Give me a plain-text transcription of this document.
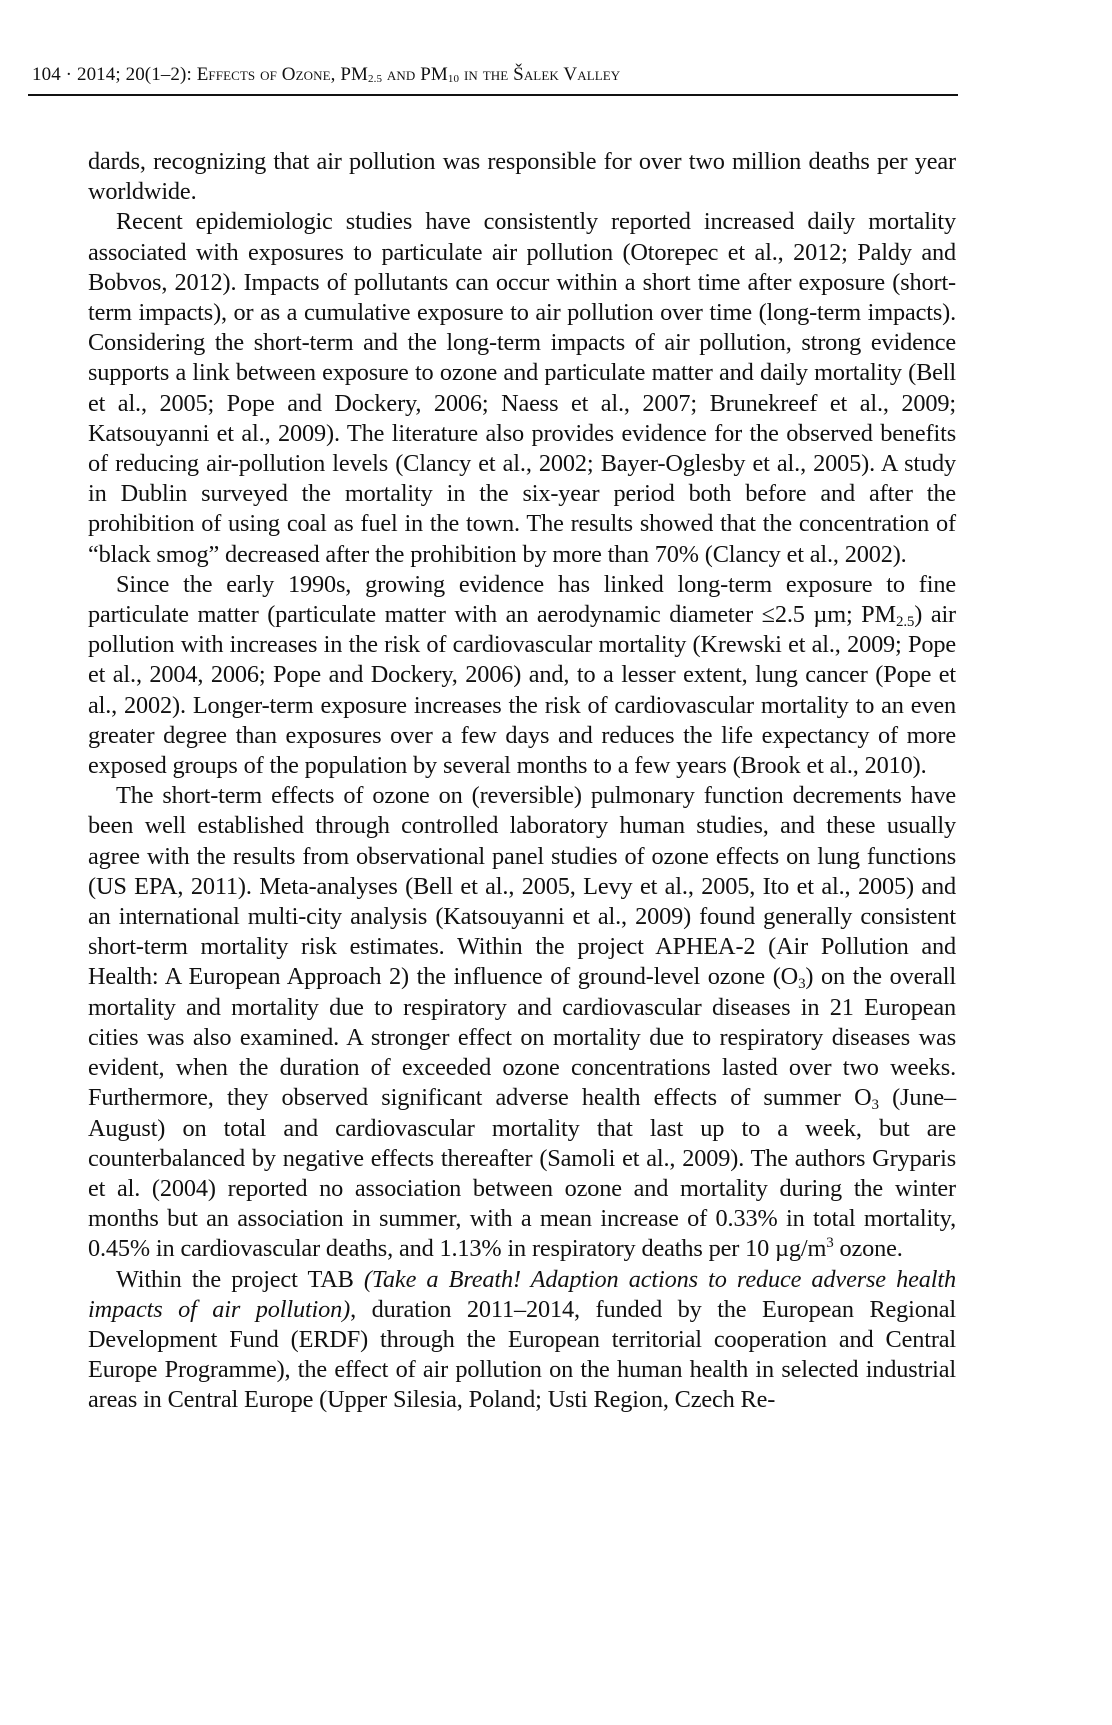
104 · 2014; 20(1–2): Effects of Ozone, $PM_{2.5}$ and $PM_{10}$ in the Šalek Valley

dards, recognizing that air pollution was responsible for over two million deaths per year worldwide.

Recent epidemiologic studies have consistently reported increased daily mortality associated with exposures to particulate air pollution (Otorepec et al., 2012; Paldy and Bobvos, 2012). Impacts of pollutants can occur within a short time after exposure (short-term impacts), or as a cumulative exposure to air pollution over time (long-term impacts). Considering the short-term and the long-term impacts of air pollution, strong evidence supports a link between exposure to ozone and particulate matter and daily mortality (Bell et al., 2005; Pope and Dockery, 2006; Naess et al., 2007; Brunekreef et al., 2009; Katsouyanni et al., 2009). The literature also provides evidence for the observed benefits of reducing air-pollution levels (Clancy et al., 2002; Bayer-Oglesby et al., 2005). A study in Dublin surveyed the mortality in the six-year period both before and after the prohibition of using coal as fuel in the town. The results showed that the concentration of “black smog” decreased after the prohibition by more than 70% (Clancy et al., 2002).

Since the early 1990s, growing evidence has linked long-term exposure to fine particulate matter (particulate matter with an aerodynamic diameter ≤2.5 µm; $PM_{2.5}$) air pollution with increases in the risk of cardiovascular mortality (Krewski et al., 2009; Pope et al., 2004, 2006; Pope and Dockery, 2006) and, to a lesser extent, lung cancer (Pope et al., 2002). Longer-term exposure increases the risk of cardiovascular mortality to an even greater degree than exposures over a few days and reduces the life expectancy of more exposed groups of the population by several months to a few years (Brook et al., 2010).

The short-term effects of ozone on (reversible) pulmonary function decrements have been well established through controlled laboratory human studies, and these usually agree with the results from observational panel studies of ozone effects on lung functions (US EPA, 2011). Meta-analyses (Bell et al., 2005, Levy et al., 2005, Ito et al., 2005) and an international multi-city analysis (Katsouyanni et al., 2009) found generally consistent short-term mortality risk estimates. Within the project APHEA-2 (Air Pollution and Health: A European Approach 2) the influence of ground-level ozone $(O_3)$ on the overall mortality and mortality due to respiratory and cardiovascular diseases in 21 European cities was also examined. A stronger effect on mortality due to respiratory diseases was evident, when the duration of exceeded ozone concentrations lasted over two weeks. Furthermore, they observed significant adverse health effects of summer $O_3$ (June–August) on total and cardiovascular mortality that last up to a week, but are counterbalanced by negative effects thereafter (Samoli et al., 2009). The authors Gryparis et al. (2004) reported no association between ozone and mortality during the winter months but an association in summer, with a mean increase of 0.33% in total mortality, 0.45% in cardiovascular deaths, and 1.13% in respiratory deaths per 10 $\mu g/m^3$ ozone.

Within the project TAB (Take a Breath! Adaption actions to reduce adverse health impacts of air pollution), duration 2011–2014, funded by the European Regional Development Fund (ERDF) through the European territorial cooperation and Central Europe Programme), the effect of air pollution on the human health in selected industrial areas in Central Europe (Upper Silesia, Poland; Usti Region, Czech Re-
